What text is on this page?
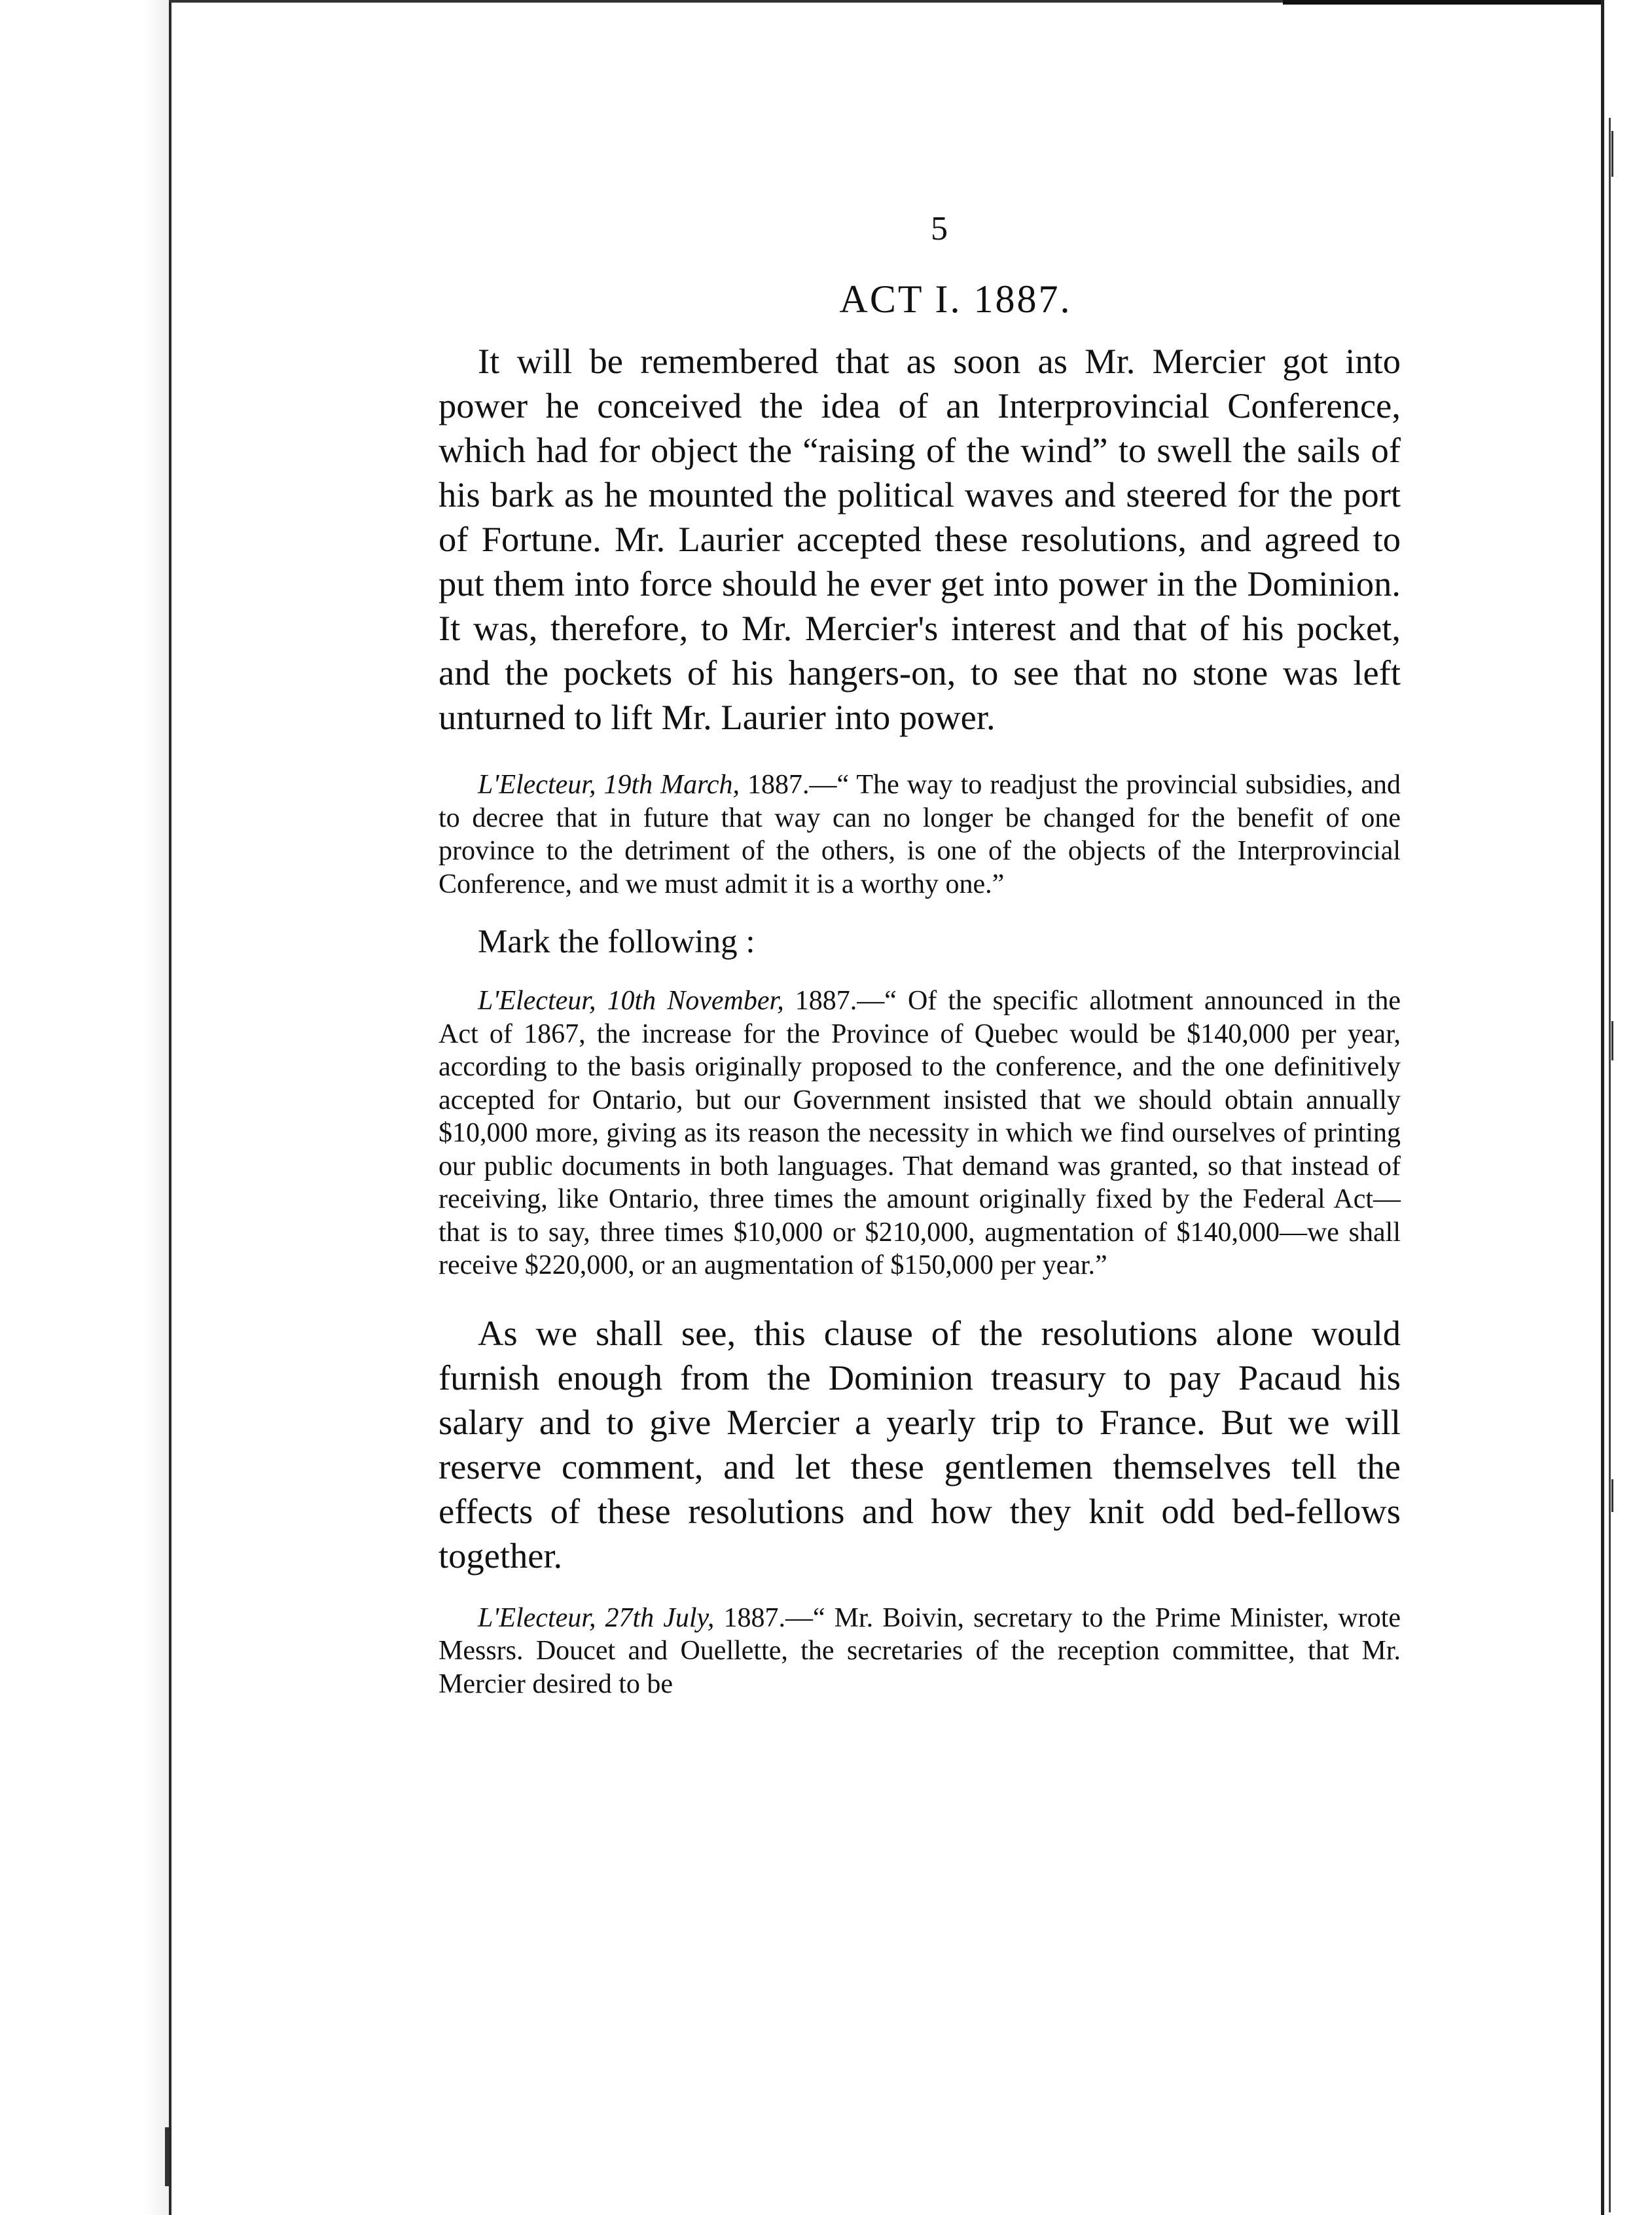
5
ACT I. 1887.

It will be remembered that as soon as Mr. Mercier got into power he conceived the idea of an Interprovincial Conference, which had for object the “raising of the wind” to swell the sails of his bark as he mounted the political waves and steered for the port of Fortune. Mr. Laurier accepted these resolutions, and agreed to put them into force should he ever get into power in the Dominion. It was, therefore, to Mr. Mercier's interest and that of his pocket, and the pockets of his hangers-on, to see that no stone was left unturned to lift Mr. Laurier into power.

L'Electeur, 19th March, 1887.—“ The way to readjust the provincial subsidies, and to decree that in future that way can no longer be changed for the benefit of one province to the detriment of the others, is one of the objects of the Interprovincial Conference, and we must admit it is a worthy one.”

Mark the following :

L'Electeur, 10th November, 1887.—“ Of the specific allotment announced in the Act of 1867, the increase for the Province of Quebec would be $140,000 per year, according to the basis originally proposed to the conference, and the one definitively accepted for Ontario, but our Government insisted that we should obtain annually $10,000 more, giving as its reason the necessity in which we find ourselves of printing our public documents in both languages. That demand was granted, so that instead of receiving, like Ontario, three times the amount originally fixed by the Federal Act—that is to say, three times $10,000 or $210,000, augmentation of $140,000—we shall receive $220,000, or an augmentation of $150,000 per year.”

As we shall see, this clause of the resolutions alone would furnish enough from the Dominion treasury to pay Pacaud his salary and to give Mercier a yearly trip to France. But we will reserve comment, and let these gentlemen themselves tell the effects of these resolutions and how they knit odd bed-fellows together.

L'Electeur, 27th July, 1887.—“ Mr. Boivin, secretary to the Prime Minister, wrote Messrs. Doucet and Ouellette, the secretaries of the reception committee, that Mr. Mercier desired to be
